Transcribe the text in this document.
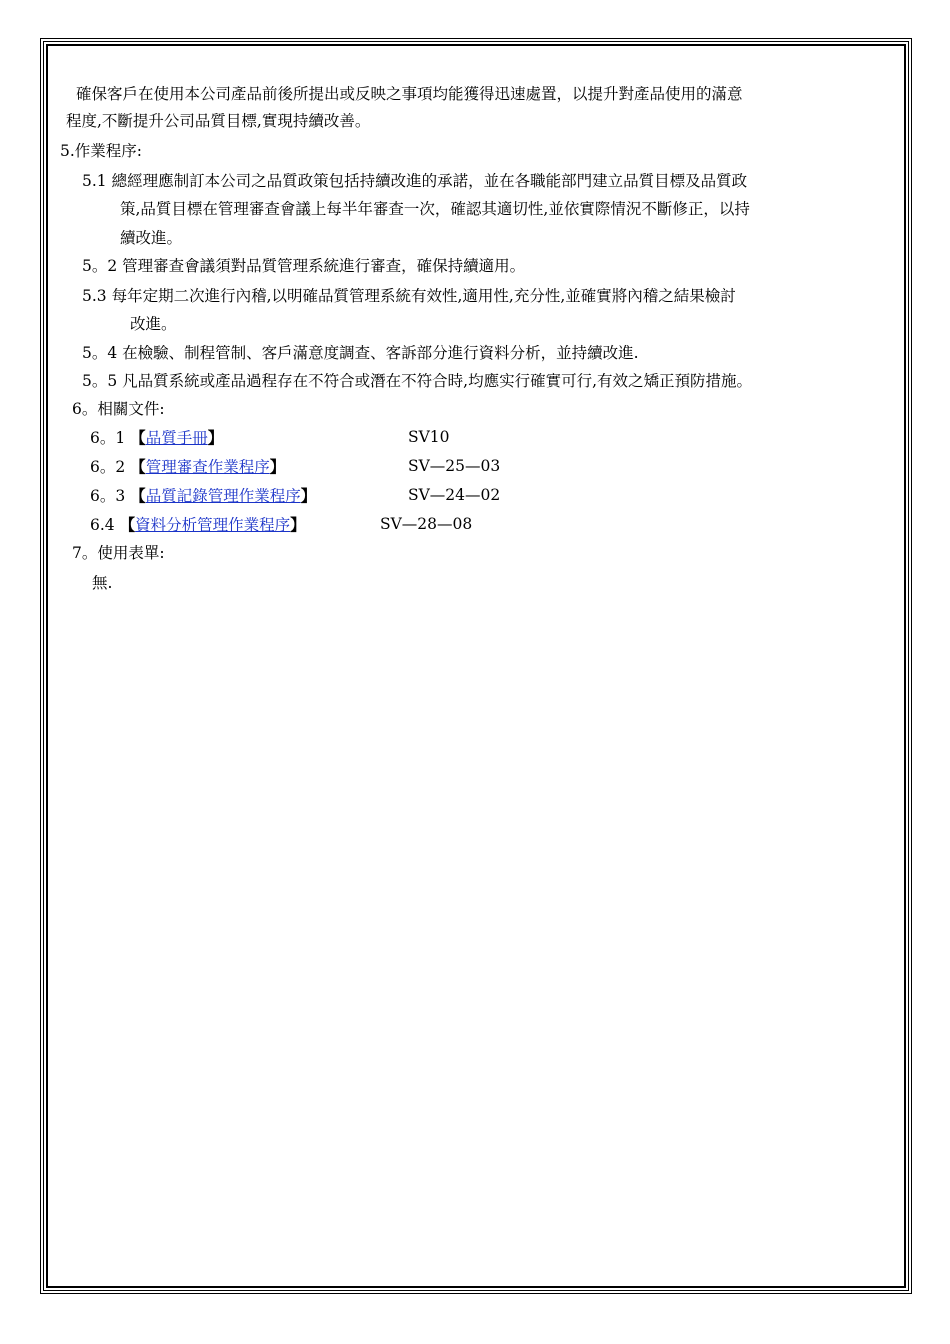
確保客戶在使用本公司產品前後所提出或反映之事項均能獲得迅速處置，以提升對產品使用的滿意
程度,不斷提升公司品質目標,實現持續改善。
5.作業程序:
5.1 總經理應制訂本公司之品質政策包括持續改進的承諾，並在各職能部門建立品質目標及品質政
策,品質目標在管理審查會議上每半年審查一次，確認其適切性,並依實際情況不斷修正，以持
續改進。
5。2 管理審查會議須對品質管理系統進行審查，確保持續適用。
5.3 每年定期二次進行內稽,以明確品質管理系統有效性,適用性,充分性,並確實將內稽之結果檢討
改進。
5。4 在檢驗、制程管制、客戶滿意度調查、客訴部分進行資料分析，並持續改進.
5。5 凡品質系統或產品過程存在不符合或潛在不符合時,均應实行確實可行,有效之矯正預防措施。
6。相關文件:
6。1 【品質手冊】	SV10
6。2 【管理審查作業程序】	SV—25—03
6。3 【品質記錄管理作業程序】	SV—24—02
6.4 【資料分析管理作業程序】	SV—28—08
7。使用表單:
無.
